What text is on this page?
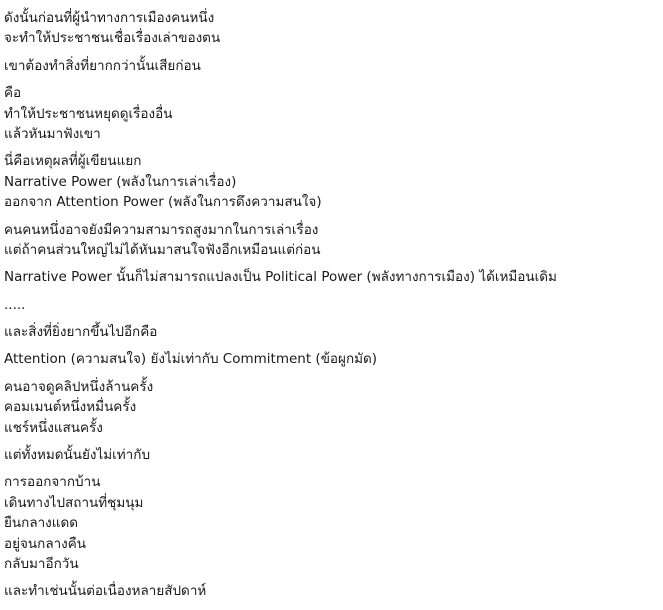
ดังนั้นก่อนที่ผู้นำทางการเมืองคนหนึ่ง
จะทำให้ประชาชนเชื่อเรื่องเล่าของตน
เขาต้องทำสิ่งที่ยากกว่านั้นเสียก่อน
คือ
ทำให้ประชาชนหยุดดูเรื่องอื่น
แล้วหันมาฟังเขา
นี่คือเหตุผลที่ผู้เขียนแยก
Narrative Power (พลังในการเล่าเรื่อง)
ออกจาก Attention Power (พลังในการดึงความสนใจ)
คนคนหนึ่งอาจยังมีความสามารถสูงมากในการเล่าเรื่อง
แต่ถ้าคนส่วนใหญ่ไม่ได้หันมาสนใจฟังอีกเหมือนแต่ก่อน
Narrative Power นั้นก็ไม่สามารถแปลงเป็น Political Power (พลังทางการเมือง) ได้เหมือนเดิม
.....
และสิ่งที่ยิ่งยากขึ้นไปอีกคือ
Attention (ความสนใจ) ยังไม่เท่ากับ Commitment (ข้อผูกมัด)
คนอาจดูคลิปหนึ่งล้านครั้ง
คอมเมนต์หนึ่งหมื่นครั้ง
แชร์หนึ่งแสนครั้ง
แต่ทั้งหมดนั้นยังไม่เท่ากับ
การออกจากบ้าน
เดินทางไปสถานที่ชุมนุม
ยืนกลางแดด
อยู่จนกลางคืน
กลับมาอีกวัน
และทำเช่นนั้นต่อเนื่องหลายสัปดาห์
